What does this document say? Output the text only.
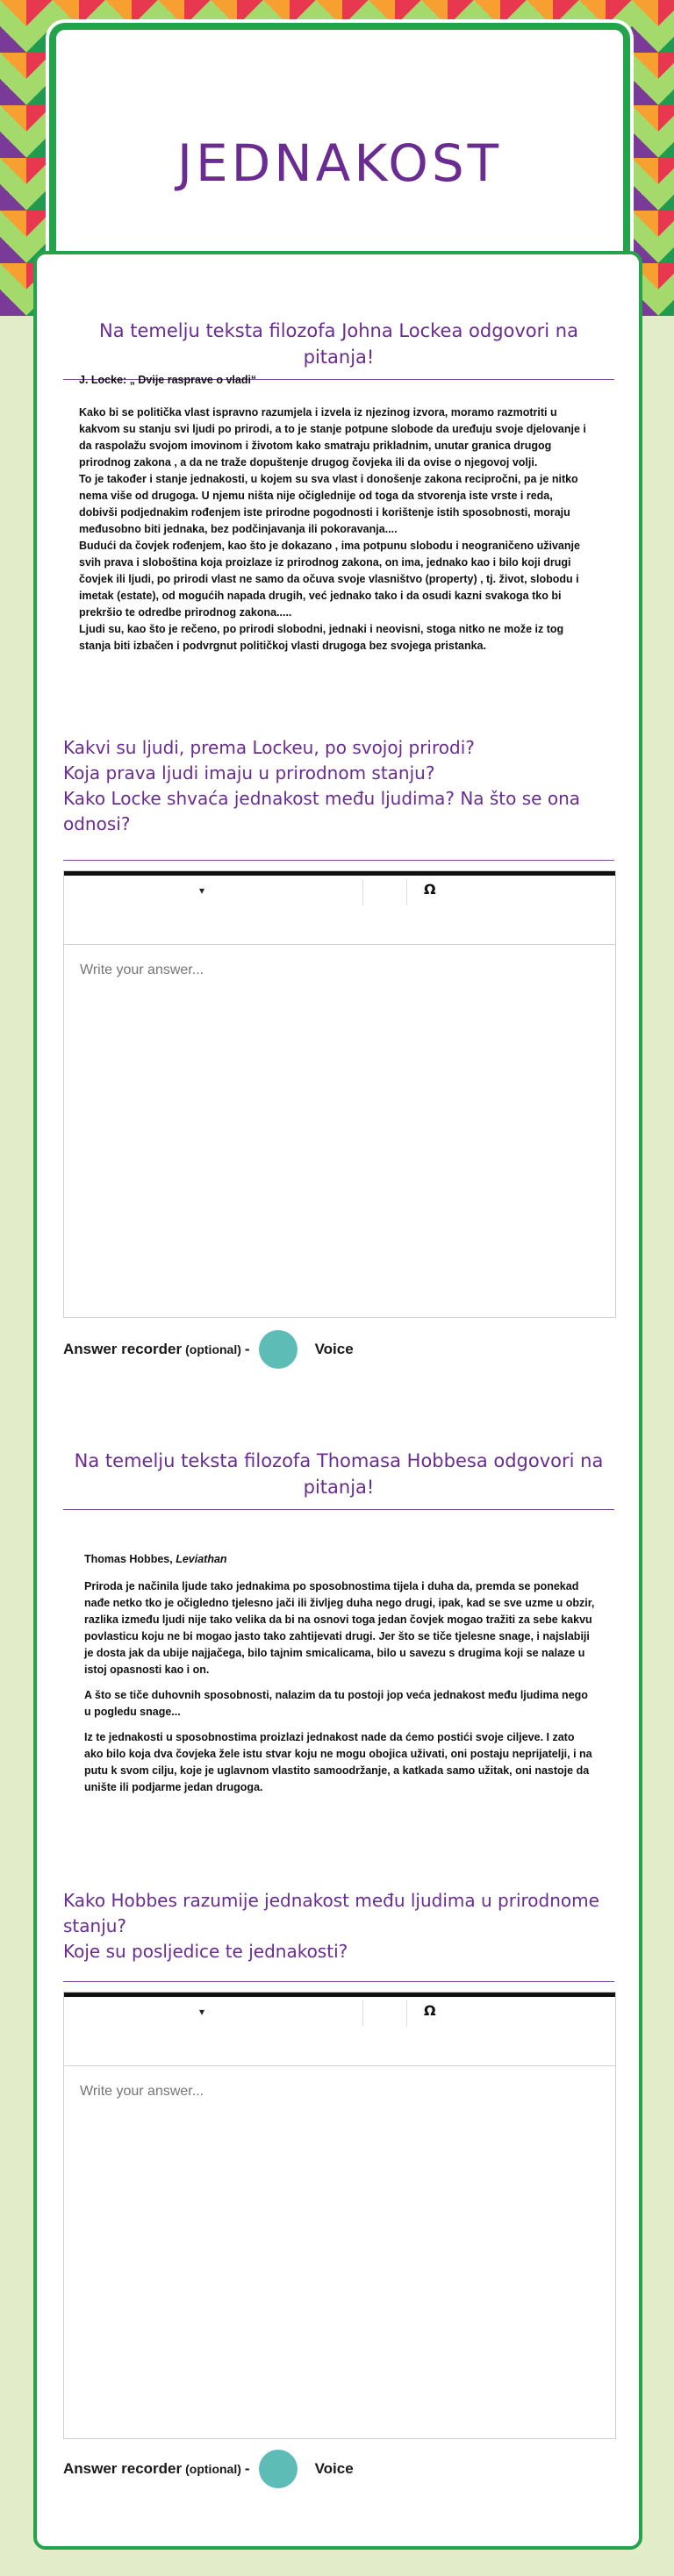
JEDNAKOST
Na temelju teksta filozofa Johna Lockea odgovori na pitanja!

J. Locke: „ Dvije rasprave o vladi“

Kako bi se politička vlast ispravno razumjela i izvela iz njezinog izvora, moramo razmotriti u kakvom su stanju svi ljudi po prirodi, a to je stanje potpune slobode da uređuju svoje djelovanje i da raspolažu svojom imovinom i životom kako smatraju prikladnim, unutar granica drugog prirodnog zakona , a da ne traže dopuštenje drugog čovjeka ili da ovise o njegovoj volji.

To je također i stanje jednakosti, u kojem su sva vlast i donošenje zakona recipročni, pa je nitko nema više od drugoga. U njemu ništa nije očiglednije od toga da stvorenja iste vrste i reda, dobivši podjednakim rođenjem iste prirodne pogodnosti i korištenje istih sposobnosti, moraju međusobno biti jednaka, bez podčinjavanja ili pokoravanja....

Budući da čovjek rođenjem, kao što je dokazano , ima potpunu slobodu i neograničeno uživanje svih prava i sloboština koja proizlaze iz prirodnog zakona, on ima, jednako kao i bilo koji drugi čovjek ili ljudi, po prirodi vlast ne samo da očuva svoje vlasništvo (property) , tj. život, slobodu i imetak (estate), od mogućih napada drugih, već jednako tako i da osudi kazni svakoga tko bi prekršio te odredbe prirodnog zakona.....

Ljudi su, kao što je rečeno, po prirodi slobodni, jednaki i neovisni, stoga nitko ne može iz tog stanja biti izbačen i podvrgnut političkoj vlasti drugoga bez svojega pristanka.

Kakvi su ljudi, prema Lockeu, po svojoj prirodi?

Koja prava ljudi imaju u prirodnom stanju?

Kako Locke shvaća jednakost među ljudima? Na što se ona odnosi?

▾	Ω
Write your answer...
Answer recorder (optional) -	Voice
Na temelju teksta filozofa Thomasa Hobbesa odgovori na pitanja!

Thomas Hobbes, Leviathan

Priroda je načinila ljude tako jednakima po sposobnostima tijela i duha da, premda se ponekad nađe netko tko je očigledno tjelesno jači ili življeg duha nego drugi, ipak, kad se sve uzme u obzir, razlika između ljudi nije tako velika da bi na osnovi toga jedan čovjek mogao tražiti za sebe kakvu povlasticu koju ne bi mogao jasto tako zahtijevati drugi. Jer što se tiče tjelesne snage, i najslabiji je dosta jak da ubije najjačega, bilo tajnim smicalicama, bilo u savezu s drugima koji se nalaze u istoj opasnosti kao i on.

A što se tiče duhovnih sposobnosti, nalazim da tu postoji jop veća jednakost među ljudima nego u pogledu snage...

Iz te jednakosti u sposobnostima proizlazi jednakost nade da ćemo postići svoje ciljeve. I zato ako bilo koja dva čovjeka žele istu stvar koju ne mogu obojica uživati, oni postaju neprijatelji, i na putu k svom cilju, koje je uglavnom vlastito samoodržanje, a katkada samo užitak, oni nastoje da unište ili podjarme jedan drugoga.

Kako Hobbes razumije jednakost među ljudima u prirodnome stanju?

Koje su posljedice te jednakosti?

▾	Ω
Write your answer...
Answer recorder (optional) -	Voice
